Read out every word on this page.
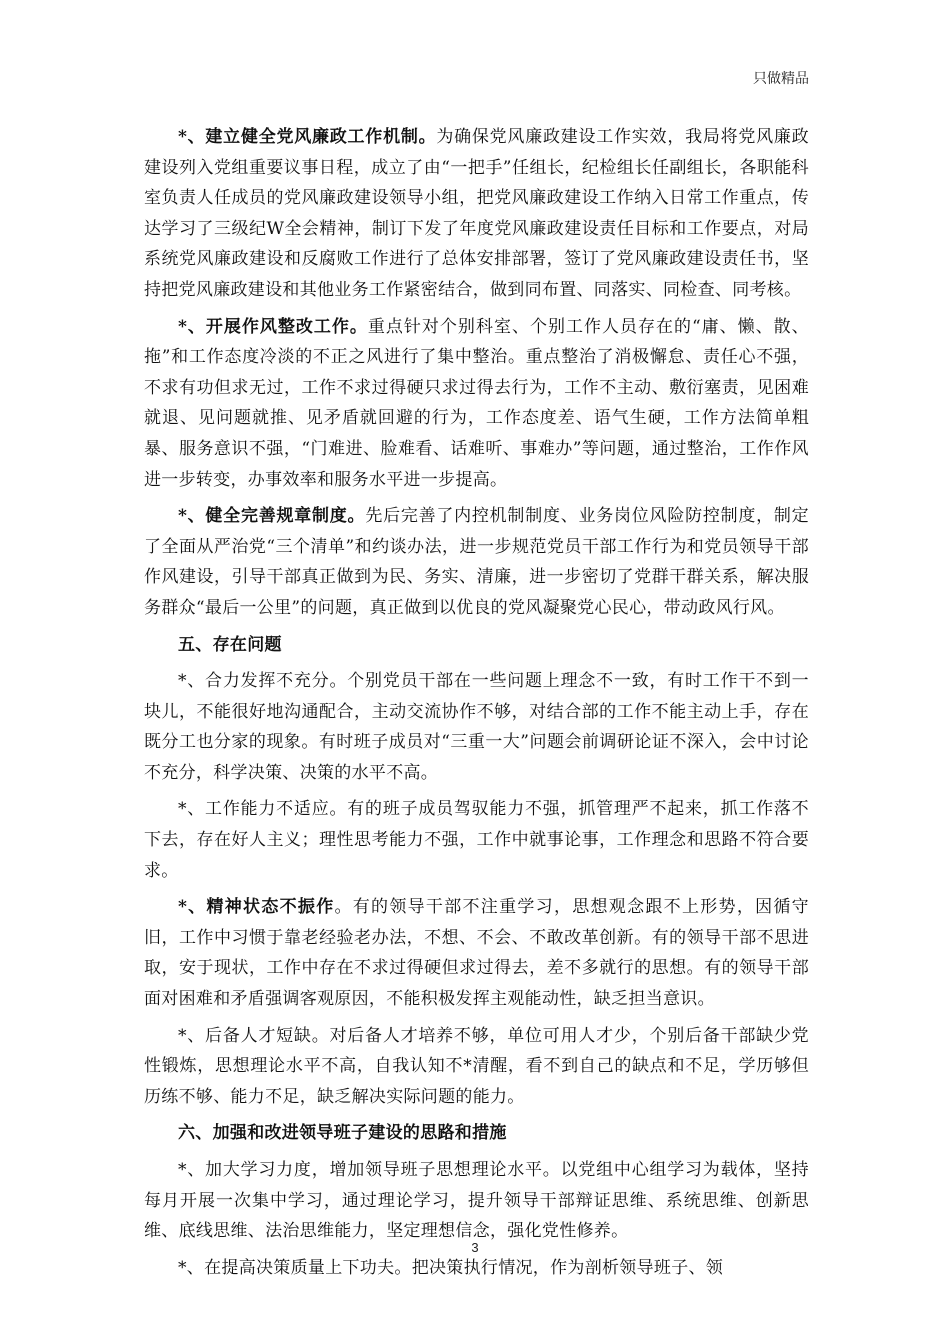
只做精品

*、建立健全党风廉政工作机制。为确保党风廉政建设工作实效，我局将党风廉政建设列入党组重要议事日程，成立了由“一把手”任组长，纪检组长任副组长，各职能科室负责人任成员的党风廉政建设领导小组，把党风廉政建设工作纳入日常工作重点，传达学习了三级纪W全会精神，制订下发了年度党风廉政建设责任目标和工作要点，对局系统党风廉政建设和反腐败工作进行了总体安排部署，签订了党风廉政建设责任书，坚持把党风廉政建设和其他业务工作紧密结合，做到同布置、同落实、同检查、同考核。

*、开展作风整改工作。重点针对个别科室、个别工作人员存在的“庸、懒、散、拖”和工作态度冷淡的不正之风进行了集中整治。重点整治了消极懈怠、责任心不强，不求有功但求无过，工作不求过得硬只求过得去行为，工作不主动、敷衍塞责，见困难就退、见问题就推、见矛盾就回避的行为，工作态度差、语气生硬，工作方法简单粗暴、服务意识不强，“门难进、脸难看、话难听、事难办”等问题，通过整治，工作作风进一步转变，办事效率和服务水平进一步提高。

*、健全完善规章制度。先后完善了内控机制制度、业务岗位风险防控制度，制定了全面从严治党“三个清单”和约谈办法，进一步规范党员干部工作行为和党员领导干部作风建设，引导干部真正做到为民、务实、清廉，进一步密切了党群干群关系，解决服务群众“最后一公里”的问题，真正做到以优良的党风凝聚党心民心，带动政风行风。

五、存在问题

*、合力发挥不充分。个别党员干部在一些问题上理念不一致，有时工作干不到一块儿，不能很好地沟通配合，主动交流协作不够，对结合部的工作不能主动上手，存在既分工也分家的现象。有时班子成员对“三重一大”问题会前调研论证不深入，会中讨论不充分，科学决策、决策的水平不高。

*、工作能力不适应。有的班子成员驾驭能力不强，抓管理严不起来，抓工作落不下去，存在好人主义；理性思考能力不强，工作中就事论事，工作理念和思路不符合要求。

*、精神状态不振作。有的领导干部不注重学习，思想观念跟不上形势，因循守旧，工作中习惯于靠老经验老办法，不想、不会、不敢改革创新。有的领导干部不思进取，安于现状，工作中存在不求过得硬但求过得去，差不多就行的思想。有的领导干部面对困难和矛盾强调客观原因，不能积极发挥主观能动性，缺乏担当意识。

*、后备人才短缺。对后备人才培养不够，单位可用人才少，个别后备干部缺少党性锻炼，思想理论水平不高，自我认知不*清醒，看不到自己的缺点和不足，学历够但历练不够、能力不足，缺乏解决实际问题的能力。

六、加强和改进领导班子建设的思路和措施

*、加大学习力度，增加领导班子思想理论水平。以党组中心组学习为载体，坚持每月开展一次集中学习，通过理论学习，提升领导干部辩证思维、系统思维、创新思维、底线思维、法治思维能力，坚定理想信念，强化党性修养。

*、在提高决策质量上下功夫。把决策执行情况，作为剖析领导班子、领

3
